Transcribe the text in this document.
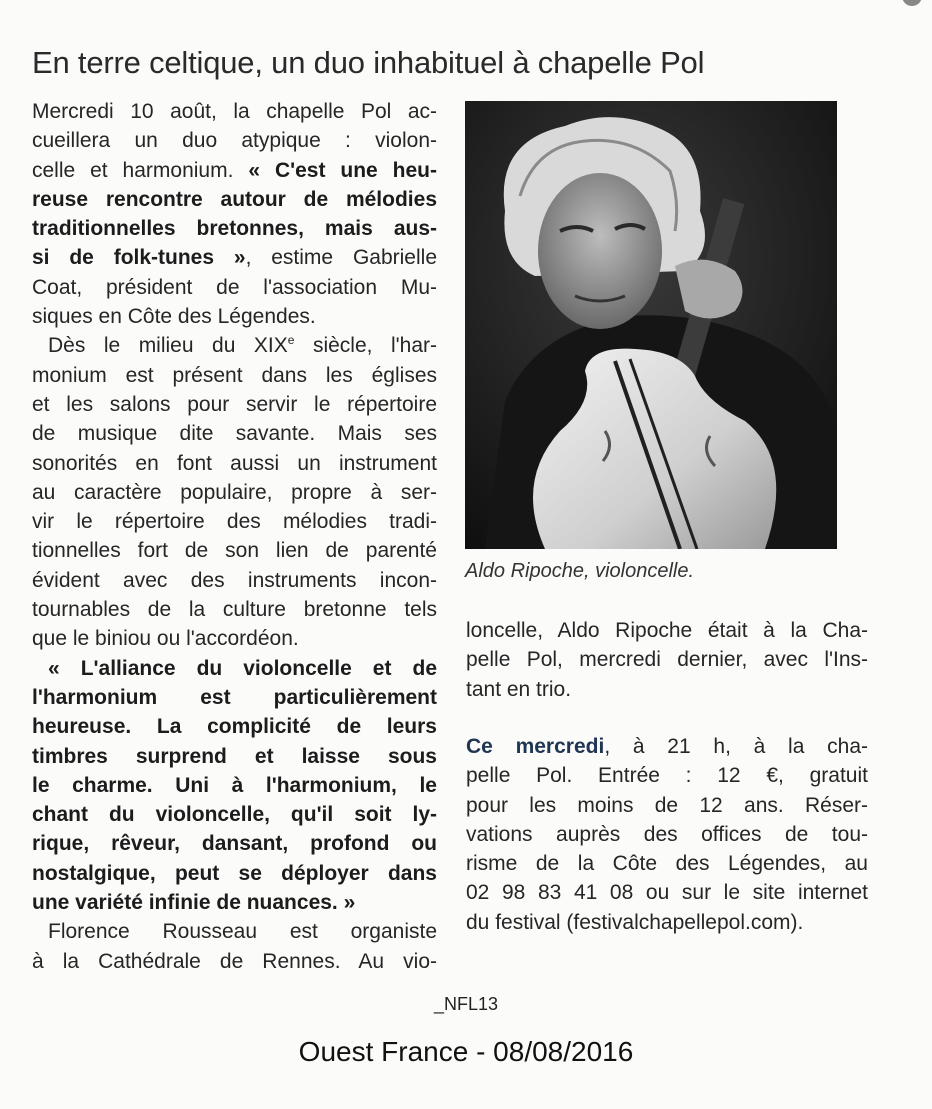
En terre celtique, un duo inhabituel à chapelle Pol
Mercredi 10 août, la chapelle Pol ac-
cueillera un duo atypique : violon-
celle et harmonium. « C'est une heu-
reuse rencontre autour de mélodies
traditionnelles bretonnes, mais aus-
si de folk-tunes », estime Gabrielle
Coat, président de l'association Mu-
siques en Côte des Légendes.
Dès le milieu du XIXe siècle, l'har-
monium est présent dans les églises
et les salons pour servir le répertoire
de musique dite savante. Mais ses
sonorités en font aussi un instrument
au caractère populaire, propre à ser-
vir le répertoire des mélodies tradi-
tionnelles fort de son lien de parenté
évident avec des instruments incon-
tournables de la culture bretonne tels
que le biniou ou l'accordéon.
« L'alliance du violoncelle et de
l'harmonium est particulièrement
heureuse. La complicité de leurs
timbres surprend et laisse sous
le charme. Uni à l'harmonium, le
chant du violoncelle, qu'il soit ly-
rique, rêveur, dansant, profond ou
nostalgique, peut se déployer dans
une variété infinie de nuances. »
Florence Rousseau est organiste
à la Cathédrale de Rennes. Au vio-
Aldo Ripoche, violoncelle.
loncelle, Aldo Ripoche était à la Cha-
pelle Pol, mercredi dernier, avec l'Ins-
tant en trio.
Ce mercredi, à 21 h, à la cha-
pelle Pol. Entrée : 12 €, gratuit
pour les moins de 12 ans. Réser-
vations auprès des offices de tou-
risme de la Côte des Légendes, au
02 98 83 41 08 ou sur le site internet
du festival (festivalchapellepol.com).
_NFL13
Ouest France - 08/08/2016
